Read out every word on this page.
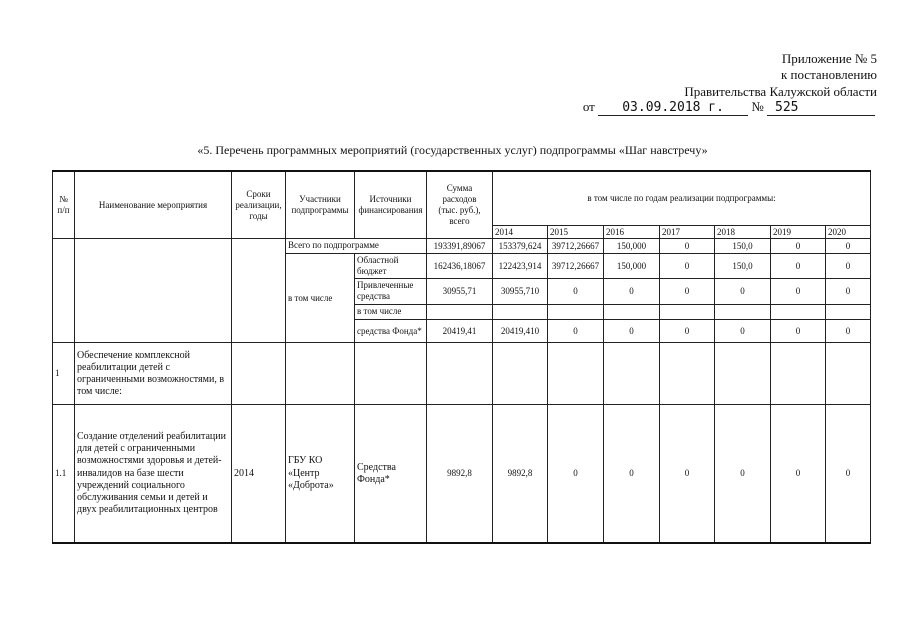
Приложение № 5
к постановлению
Правительства Калужской области
от 03.09.2018 г. № 525
«5. Перечень программных мероприятий (государственных услуг) подпрограммы «Шаг навстречу»
№ п/п	Наименование мероприятия	Сроки реализации, годы	Участники подпрограммы	Источники финансирования	Сумма расходов
(тыс. руб.), всего	в том числе по годам реализации подпрограммы:						
						2014	2015	2016	2017	2018	2019	2020
			Всего по подпрограмме		193391,89067	153379,624	39712,26667	150,000	0	150,0	0	0
			в том числе	Областной бюджет	162436,18067	122423,914	39712,26667	150,000	0	150,0	0	0
				Привлеченные средства	30955,71	30955,710	0	0	0	0	0	0
				в том числе								
				средства Фонда*	20419,41	20419,410	0	0	0	0	0	0
1	Обеспечение комплексной реабилитации детей с ограниченными возможностями, в том числе:											
1.1	Создание отделений реабилитации для детей с ограниченными возможностями здоровья и детей-инвалидов на базе шести учреждений социального обслуживания семьи и детей и двух реабилитационных центров	2014	ГБУ КО «Центр «Доброта»	Средства Фонда*	9892,8	9892,8	0	0	0	0	0	0
